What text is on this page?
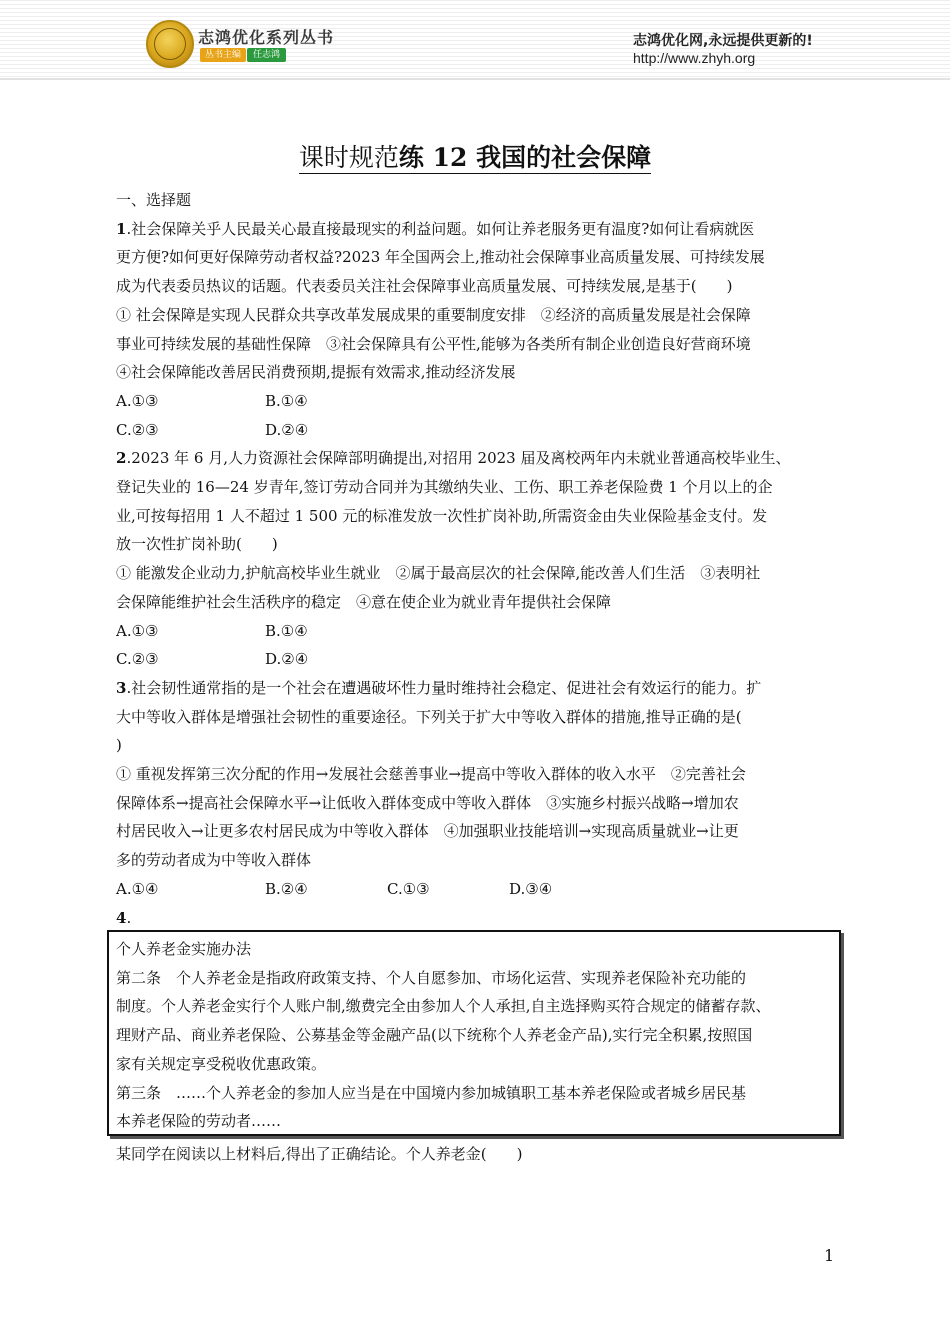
志鸿优化系列丛书
丛书主编	任志鸿
志鸿优化网,永远提供更新的!
http://www.zhyh.org
课时规范练 12 我国的社会保障
一、选择题
1.社会保障关乎人民最关心最直接最现实的利益问题。如何让养老服务更有温度?如何让看病就医
更方便?如何更好保障劳动者权益?2023 年全国两会上,推动社会保障事业高质量发展、可持续发展
成为代表委员热议的话题。代表委员关注社会保障事业高质量发展、可持续发展,是基于(　　)
① 社会保障是实现人民群众共享改革发展成果的重要制度安排　②经济的高质量发展是社会保障
事业可持续发展的基础性保障　③社会保障具有公平性,能够为各类所有制企业创造良好营商环境
④社会保障能改善居民消费预期,提振有效需求,推动经济发展
A.①③	B.①④
C.②③	D.②④
2.2023 年 6 月,人力资源社会保障部明确提出,对招用 2023 届及离校两年内未就业普通高校毕业生、
登记失业的 16—24 岁青年,签订劳动合同并为其缴纳失业、工伤、职工养老保险费 1 个月以上的企
业,可按每招用 1 人不超过 1 500 元的标准发放一次性扩岗补助,所需资金由失业保险基金支付。发
放一次性扩岗补助(　　)
① 能激发企业动力,护航高校毕业生就业　②属于最高层次的社会保障,能改善人们生活　③表明社
会保障能维护社会生活秩序的稳定　④意在使企业为就业青年提供社会保障
A.①③	B.①④
C.②③	D.②④
3.社会韧性通常指的是一个社会在遭遇破坏性力量时维持社会稳定、促进社会有效运行的能力。扩
大中等收入群体是增强社会韧性的重要途径。下列关于扩大中等收入群体的措施,推导正确的是(
)
① 重视发挥第三次分配的作用→发展社会慈善事业→提高中等收入群体的收入水平　②完善社会
保障体系→提高社会保障水平→让低收入群体变成中等收入群体　③实施乡村振兴战略→增加农
村居民收入→让更多农村居民成为中等收入群体　④加强职业技能培训→实现高质量就业→让更
多的劳动者成为中等收入群体
A.①④	B.②④	C.①③	D.③④
4.
个人养老金实施办法
第二条　个人养老金是指政府政策支持、个人自愿参加、市场化运营、实现养老保险补充功能的
制度。个人养老金实行个人账户制,缴费完全由参加人个人承担,自主选择购买符合规定的储蓄存款、
理财产品、商业养老保险、公募基金等金融产品(以下统称个人养老金产品),实行完全积累,按照国
家有关规定享受税收优惠政策。
第三条　……个人养老金的参加人应当是在中国境内参加城镇职工基本养老保险或者城乡居民基
本养老保险的劳动者……
某同学在阅读以上材料后,得出了正确结论。个人养老金(　　)
1
